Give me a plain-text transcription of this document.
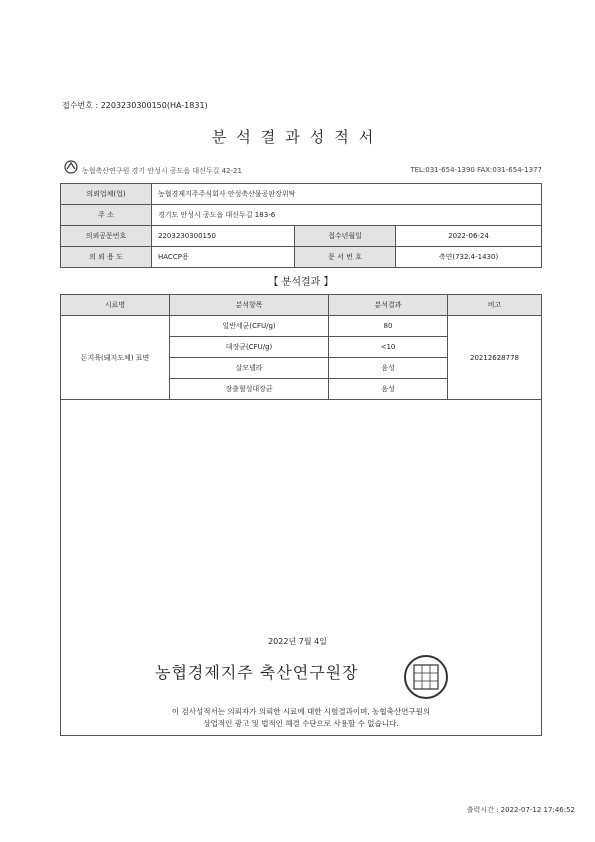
접수번호 : 2203230300150(HA-1831)
분석결과성적서
농협축산연구원 경기 안성시 공도읍 대신두길 42-21	TEL:031-654-1390 FAX:031-654-1377
의뢰업체(업)	농협경제지주주식회사 안성축산물공판장위탁		
주 소	경기도 안성시 공도읍 대신두길 183-6		
의뢰공문번호	2203230300150	접수년월일	2022-06-24
의 뢰 용 도	HACCP용	문 서 번 호	축연(732.4-1430)
【 분석결과 】
시료명	분석항목	분석결과	비고
돈지육(돼지도체) 표면	일반세균(CFU/g)	80	20212628778
	대장균(CFU/g)	<10	
	살모넬라	음성	
	장출혈성대장균	음성	
2022년 7월 4일
농협경제지주 축산연구원장
이 검사성적서는 의뢰자가 의뢰한 시료에 대한 시험결과이며, 농협축산연구원의
상업적인 광고 및 법적인 해결 수단으로 사용할 수 없습니다.
출력시간 : 2022-07-12 17:46:52
